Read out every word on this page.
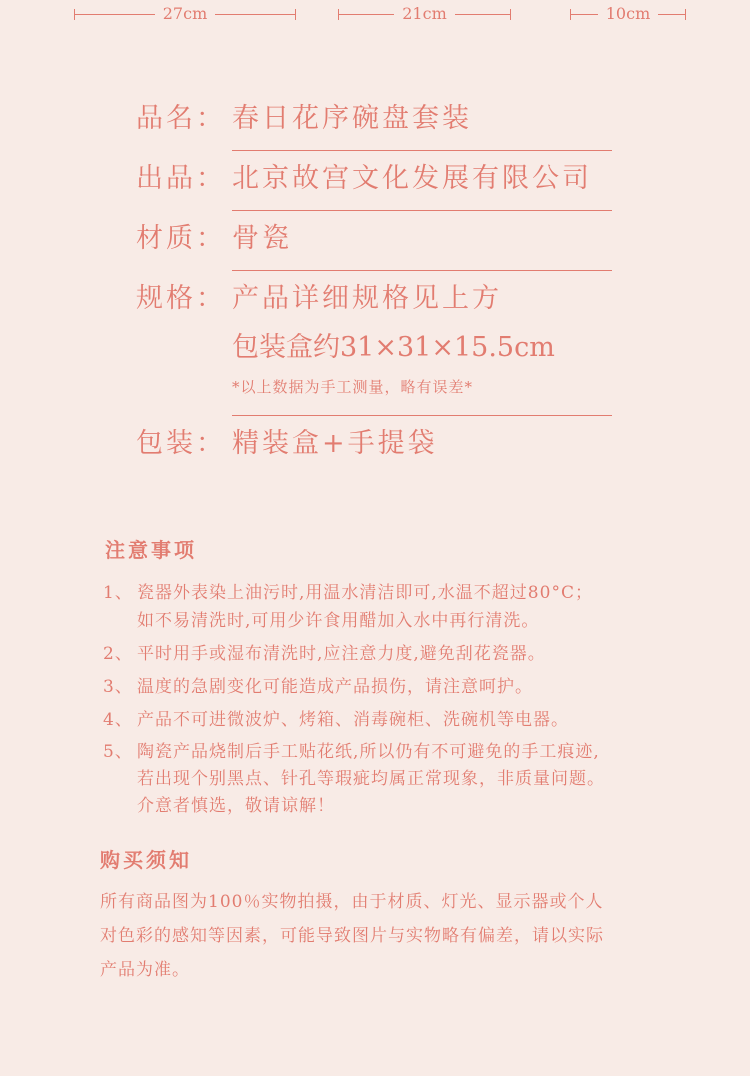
27cm	21cm	10cm
品名： 春日花序碗盘套装
出品： 北京故宫文化发展有限公司
材质： 骨瓷
规格： 产品详细规格见上方
包装盒约31×31×15.5cm
*以上数据为手工测量，略有误差*
包装： 精装盒+手提袋
注意事项
1、 瓷器外表染上油污时,用温水清洁即可,水温不超过80°C；
如不易清洗时,可用少许食用醋加入水中再行清洗。
2、 平时用手或湿布清洗时,应注意力度,避免刮花瓷器。
3、 温度的急剧变化可能造成产品损伤，请注意呵护。
4、 产品不可进微波炉、烤箱、消毒碗柜、洗碗机等电器。
5、 陶瓷产品烧制后手工贴花纸,所以仍有不可避免的手工痕迹,
若出现个别黑点、针孔等瑕疵均属正常现象，非质量问题。
介意者慎选，敬请谅解！
购买须知
所有商品图为100％实物拍摄，由于材质、灯光、显示器或个人
对色彩的感知等因素，可能导致图片与实物略有偏差，请以实际
产品为准。
